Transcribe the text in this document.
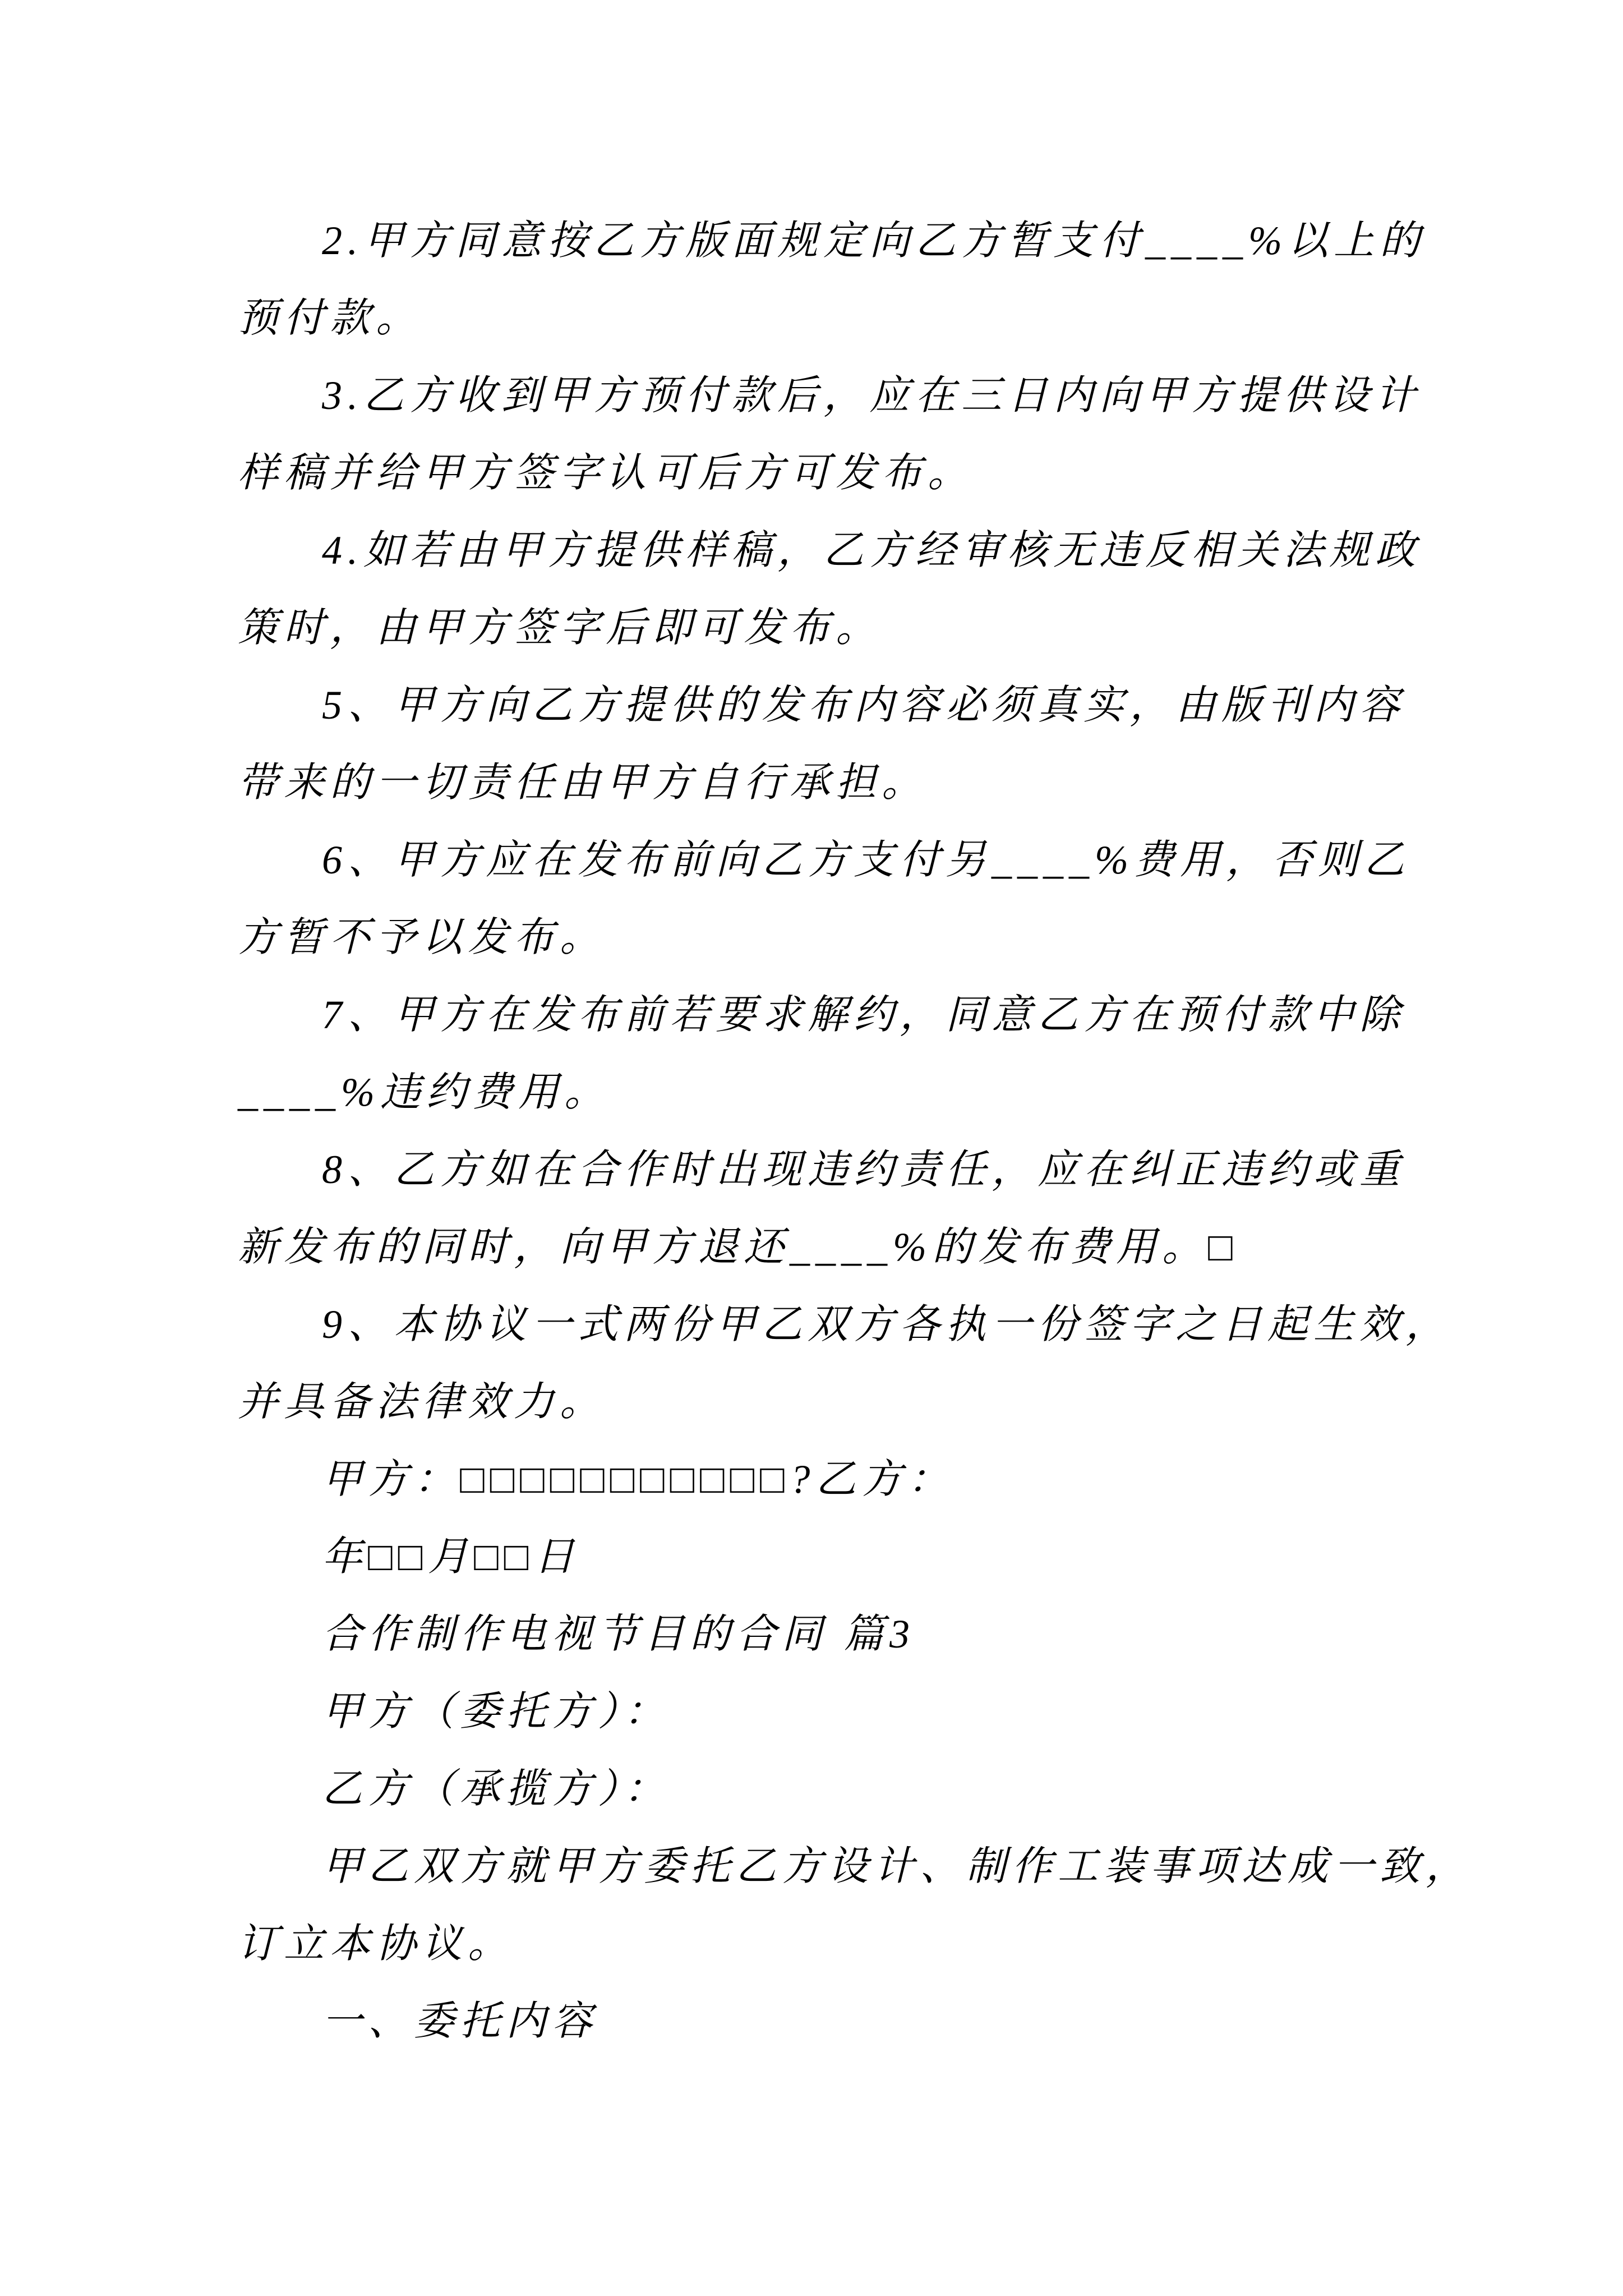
2.甲方同意按乙方版面规定向乙方暂支付____%以上的
预付款。
3.乙方收到甲方预付款后，应在三日内向甲方提供设计
样稿并给甲方签字认可后方可发布。
4.如若由甲方提供样稿，乙方经审核无违反相关法规政
策时，由甲方签字后即可发布。
5、甲方向乙方提供的发布内容必须真实，由版刊内容
带来的一切责任由甲方自行承担。
6、甲方应在发布前向乙方支付另____%费用，否则乙
方暂不予以发布。
7、甲方在发布前若要求解约，同意乙方在预付款中除
____%违约费用。
8、乙方如在合作时出现违约责任，应在纠正违约或重
新发布的同时，向甲方退还____%的发布费用。□
9、本协议一式两份甲乙双方各执一份签字之日起生效，
并具备法律效力。
甲方：□□□□□□□□□□□?乙方：
年□□月□□日
合作制作电视节目的合同 篇3
甲方（委托方）：
乙方（承揽方）：
甲乙双方就甲方委托乙方设计、制作工装事项达成一致，
订立本协议。
一、委托内容
